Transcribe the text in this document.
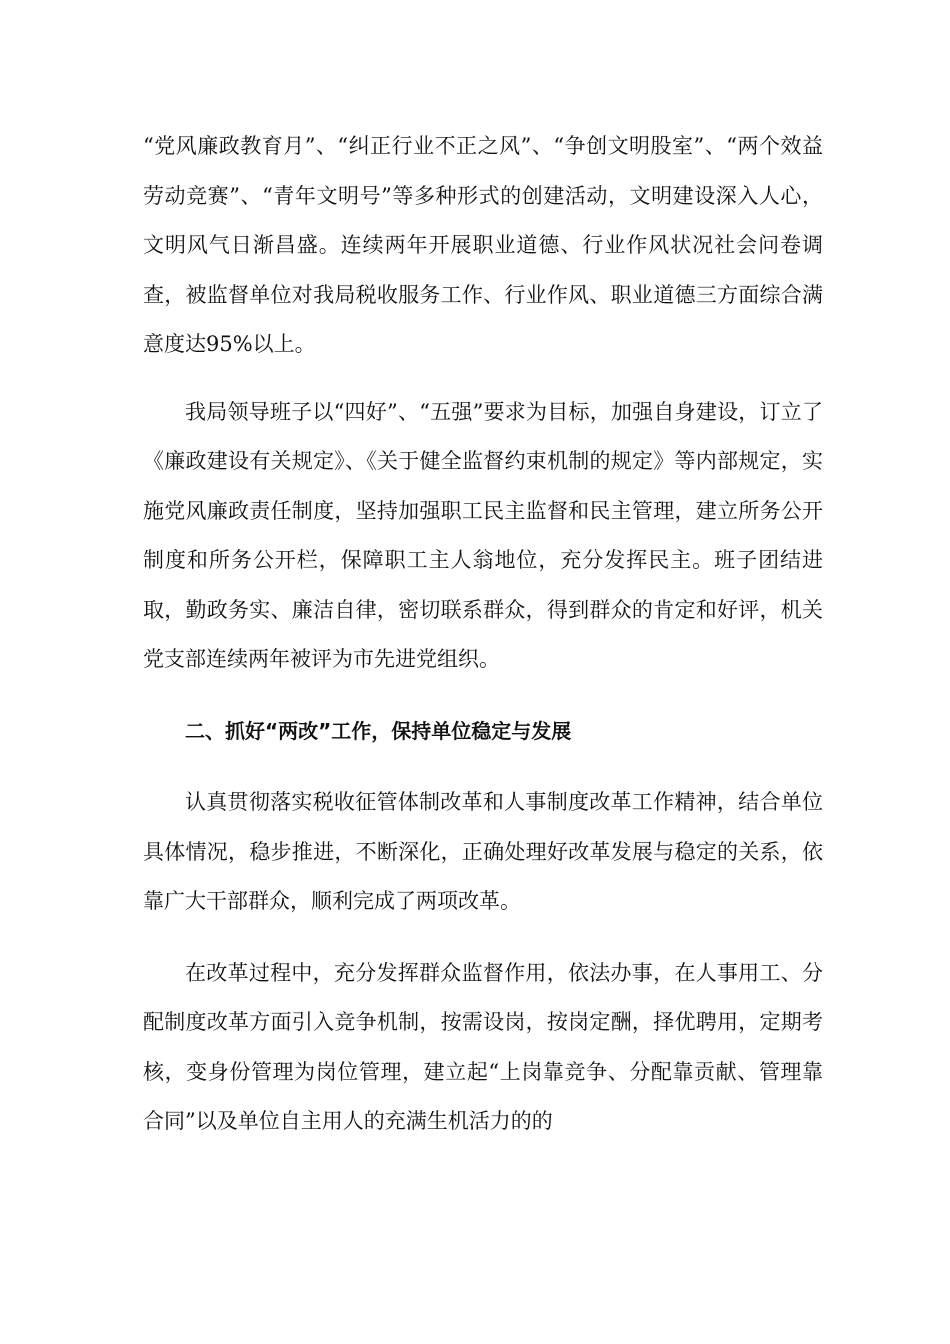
“党风廉政教育月”、“纠正行业不正之风”、“争创文明股室”、“两个效益劳动竞赛”、“青年文明号”等多种形式的创建活动，文明建设深入人心，文明风气日渐昌盛。连续两年开展职业道德、行业作风状况社会问卷调查，被监督单位对我局税收服务工作、行业作风、职业道德三方面综合满意度达95%以上。

我局领导班子以“四好”、“五强”要求为目标，加强自身建设，订立了《廉政建设有关规定》、《关于健全监督约束机制的规定》等内部规定，实施党风廉政责任制度，坚持加强职工民主监督和民主管理，建立所务公开制度和所务公开栏，保障职工主人翁地位，充分发挥民主。班子团结进取，勤政务实、廉洁自律，密切联系群众，得到群众的肯定和好评，机关党支部连续两年被评为市先进党组织。

二、抓好“两改”工作，保持单位稳定与发展

认真贯彻落实税收征管体制改革和人事制度改革工作精神，结合单位具体情况，稳步推进，不断深化，正确处理好改革发展与稳定的关系，依靠广大干部群众，顺利完成了两项改革。

在改革过程中，充分发挥群众监督作用，依法办事，在人事用工、分配制度改革方面引入竞争机制，按需设岗，按岗定酬，择优聘用，定期考核，变身份管理为岗位管理，建立起“上岗靠竞争、分配靠贡献、管理靠合同”以及单位自主用人的充满生机活力的的
